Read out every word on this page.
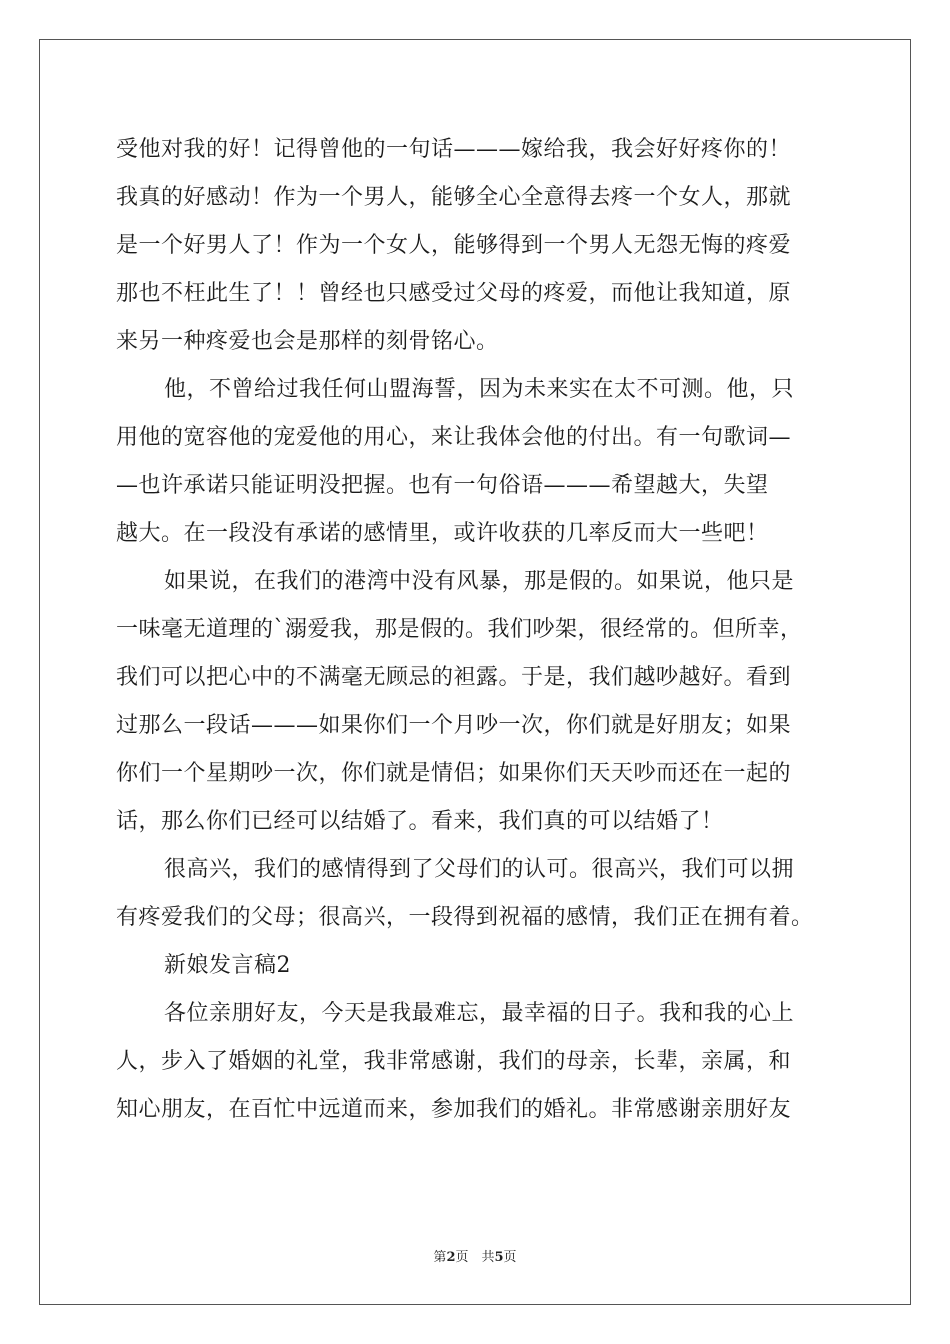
受他对我的好！记得曾他的一句话———嫁给我，我会好好疼你的！
我真的好感动！作为一个男人，能够全心全意得去疼一个女人，那就
是一个好男人了！作为一个女人，能够得到一个男人无怨无悔的疼爱
那也不枉此生了！！曾经也只感受过父母的疼爱，而他让我知道，原
来另一种疼爱也会是那样的刻骨铭心。
他，不曾给过我任何山盟海誓，因为未来实在太不可测。他，只
用他的宽容他的宠爱他的用心，来让我体会他的付出。有一句歌词—
—也许承诺只能证明没把握。也有一句俗语———希望越大，失望
越大。在一段没有承诺的感情里，或许收获的几率反而大一些吧！
如果说，在我们的港湾中没有风暴，那是假的。如果说，他只是
一味毫无道理的`溺爱我，那是假的。我们吵架，很经常的。但所幸，
我们可以把心中的不满毫无顾忌的袒露。于是，我们越吵越好。看到
过那么一段话———如果你们一个月吵一次，你们就是好朋友；如果
你们一个星期吵一次，你们就是情侣；如果你们天天吵而还在一起的
话，那么你们已经可以结婚了。看来，我们真的可以结婚了！
很高兴，我们的感情得到了父母们的认可。很高兴，我们可以拥
有疼爱我们的父母；很高兴，一段得到祝福的感情，我们正在拥有着。
新娘发言稿2
各位亲朋好友，今天是我最难忘，最幸福的日子。我和我的心上
人，步入了婚姻的礼堂，我非常感谢，我们的母亲，长辈，亲属，和
知心朋友，在百忙中远道而来，参加我们的婚礼。非常感谢亲朋好友
第2页　共5页
